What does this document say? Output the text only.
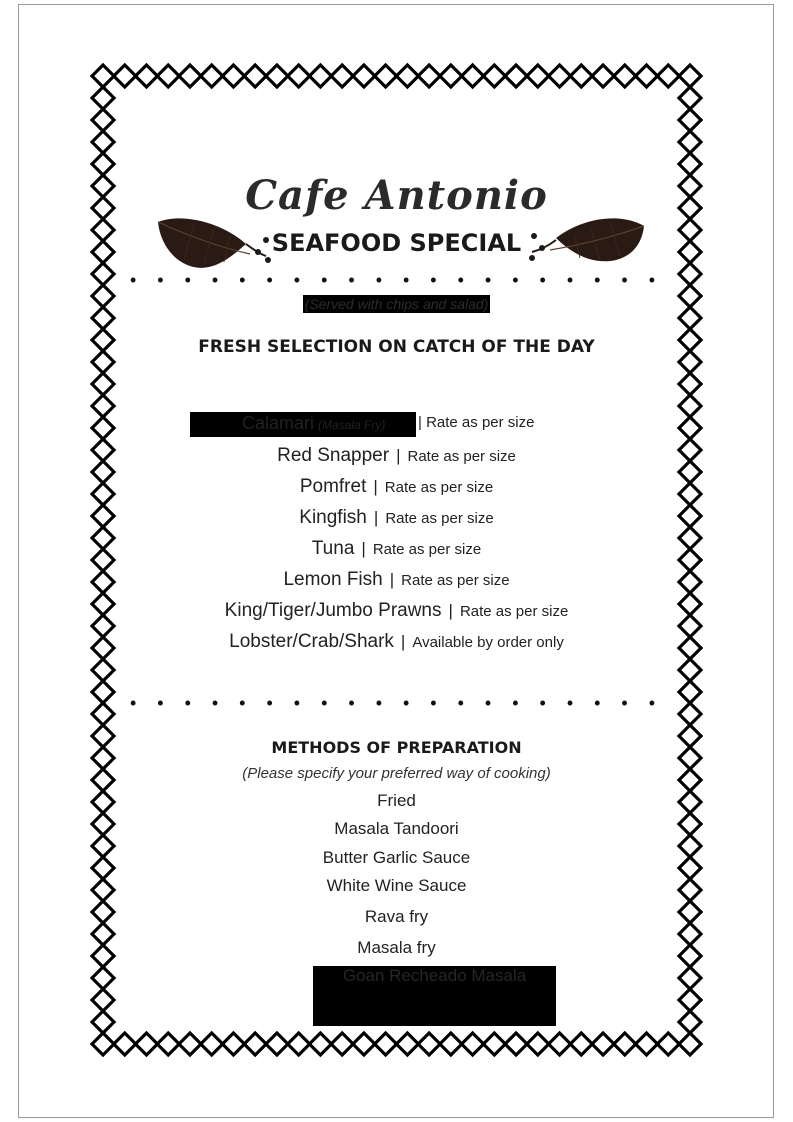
Cafe Antonio
SEAFOOD SPECIAL
• • • • • • • • • • • • • • • • • • • •
(Served with chips and salad)
FRESH SELECTION ON CATCH OF THE DAY
Calamari (Masala Fry) | Rate as per size
Red Snapper | Rate as per size
Pomfret | Rate as per size
Kingfish | Rate as per size
Tuna | Rate as per size
Lemon Fish | Rate as per size
King/Tiger/Jumbo Prawns | Rate as per size
Lobster/Crab/Shark | Available by order only
• • • • • • • • • • • • • • • • • • • •
METHODS OF PREPARATION
(Please specify your preferred way of cooking)
Fried
Masala Tandoori
Butter Garlic Sauce
White Wine Sauce
Rava fry
Masala fry
Goan Recheado Masala
